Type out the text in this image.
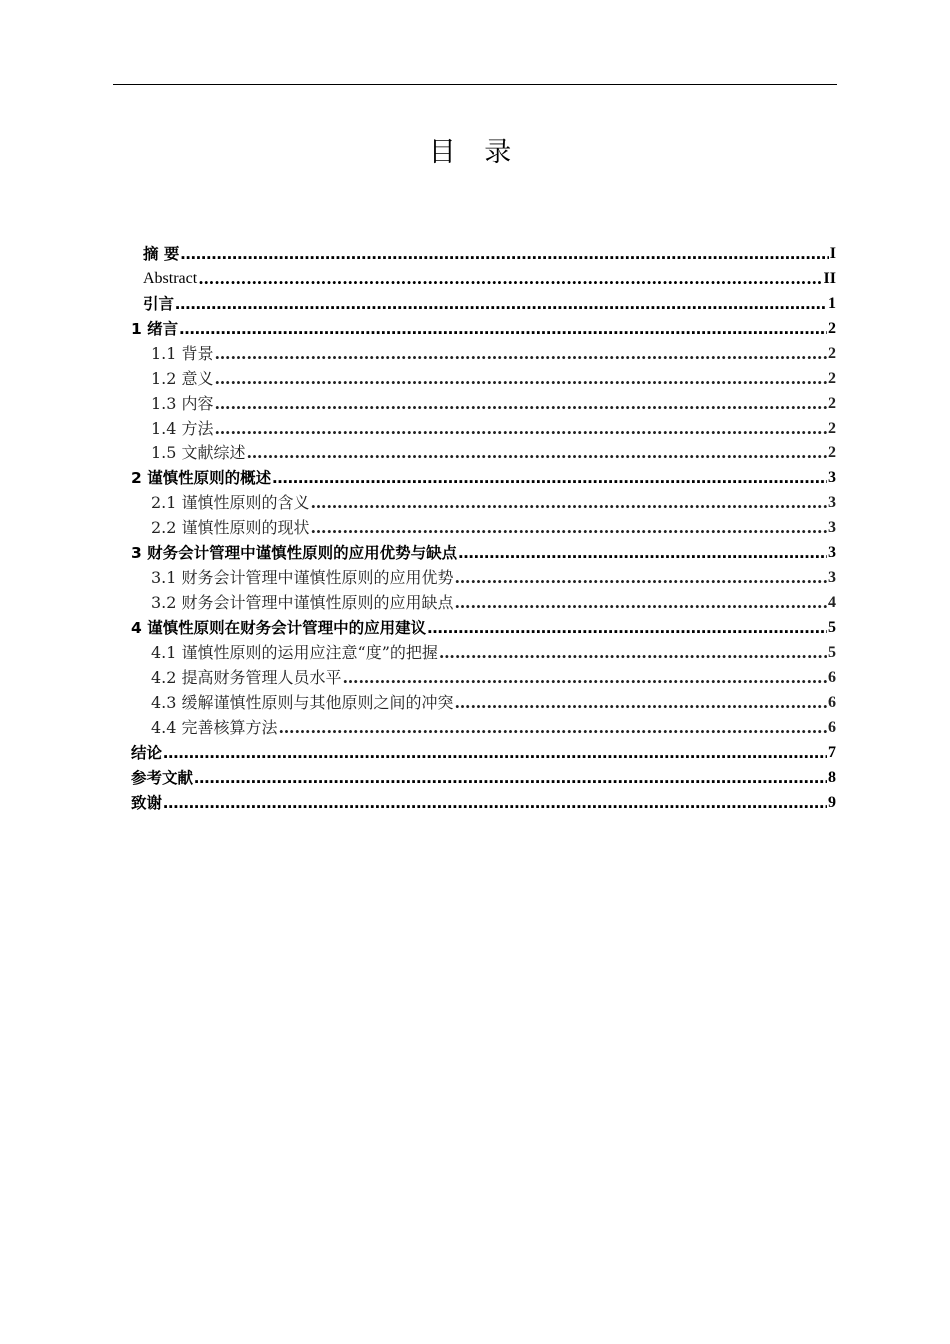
目 录
摘 要 ……………………………………………………………………………………………………………………………………………………………………	I
Abstract ……………………………………………………………………………………………………………………………………………………………………	II
引言 ……………………………………………………………………………………………………………………………………………………………………	1
1 绪言 ……………………………………………………………………………………………………………………………………………………………………	2
1.1 背景 ……………………………………………………………………………………………………………………………………………………………………	2
1.2 意义 ……………………………………………………………………………………………………………………………………………………………………	2
1.3 内容 ……………………………………………………………………………………………………………………………………………………………………	2
1.4 方法 ……………………………………………………………………………………………………………………………………………………………………	2
1.5 文献综述 ……………………………………………………………………………………………………………………………………………………………………	2
2 谨慎性原则的概述 ……………………………………………………………………………………………………………………………………………………………………	3
2.1 谨慎性原则的含义 ……………………………………………………………………………………………………………………………………………………………………	3
2.2 谨慎性原则的现状 ……………………………………………………………………………………………………………………………………………………………………	3
3 财务会计管理中谨慎性原则的应用优势与缺点 ……………………………………………………………………………………………………………………………………………………………………	3
3.1 财务会计管理中谨慎性原则的应用优势 ……………………………………………………………………………………………………………………………………………………………………	3
3.2 财务会计管理中谨慎性原则的应用缺点 ……………………………………………………………………………………………………………………………………………………………………	4
4 谨慎性原则在财务会计管理中的应用建议 ……………………………………………………………………………………………………………………………………………………………………	5
4.1 谨慎性原则的运用应注意“度”的把握 ……………………………………………………………………………………………………………………………………………………………………	5
4.2 提高财务管理人员水平 ……………………………………………………………………………………………………………………………………………………………………	6
4.3 缓解谨慎性原则与其他原则之间的冲突 ……………………………………………………………………………………………………………………………………………………………………	6
4.4 完善核算方法 ……………………………………………………………………………………………………………………………………………………………………	6
结论 ……………………………………………………………………………………………………………………………………………………………………	7
参考文献 ……………………………………………………………………………………………………………………………………………………………………	8
致谢 ……………………………………………………………………………………………………………………………………………………………………	9
